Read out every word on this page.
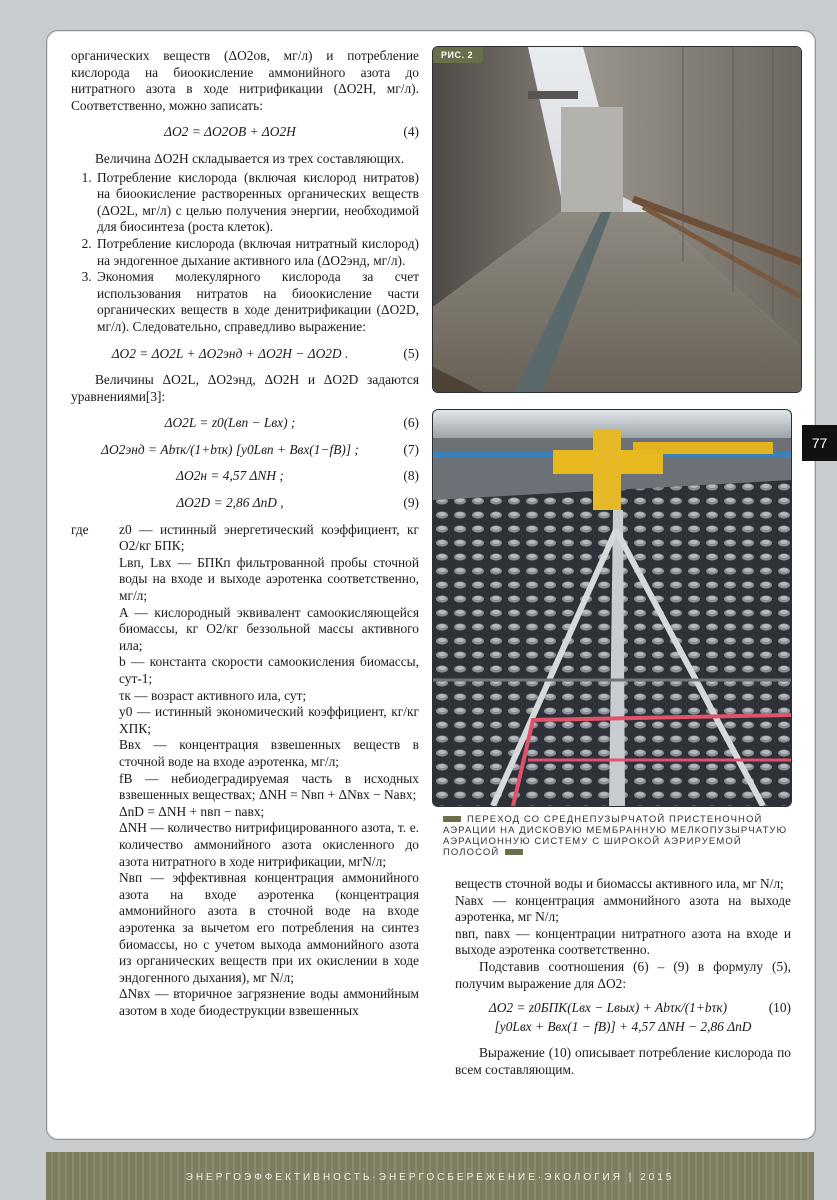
органических веществ (ΔO2ов, мг/л) и потребление кислорода на биоокисление аммонийного азота до нитратного азота в ходе нитрификации (ΔO2H, мг/л). Соответственно, можно записать:

ΔO2 = ΔO2OB + ΔO2H	(4)

Величина ΔO2H складывается из трех составляющих.

1. Потребление кислорода (включая кислород нитратов) на биоокисление растворенных органических веществ (ΔO2L, мг/л) с целью получения энергии, необходимой для биосинтеза (роста клеток).
2. Потребление кислорода (включая нитратный кислород) на эндогенное дыхание активного ила (ΔO2энд, мг/л).
3. Экономия молекулярного кислорода за счет использования нитратов на биоокисление части органических веществ в ходе денитрификации (ΔO2D, мг/л). Следовательно, справедливо выражение:
ΔO2 = ΔO2L + ΔO2энд + ΔO2H − ΔO2D .	(5)

Величины ΔO2L, ΔO2энд, ΔO2H и ΔO2D задаются уравнениями[3]:

ΔO2L = z0(Lвп − Lвх) ;	(6)
ΔO2энд = Abτк/(1+bτк) [y0Lвп + Bвх(1−fB)] ;	(7)
ΔO2н = 4,57 ΔNH ;	(8)
ΔO2D = 2,86 ΔnD ,	(9)
где	z0 — истинный энергетический коэффициент, кг O2/кг БПК;

Lвп, Lвх — БПКп фильтрованной пробы сточной воды на входе и выходе аэротенка соответственно, мг/л;

A — кислородный эквивалент самоокисляющейся биомассы, кг O2/кг беззольной массы активного ила;

b — константа скорости самоокисления биомассы, сут-1;

τк — возраст активного ила, сут;

y0 — истинный экономический коэффициент, кг/кг ХПК;

Bвх — концентрация взвешенных веществ в сточной воде на входе аэротенка, мг/л;

fB — небиодеградируемая часть в исходных взвешенных веществах; ΔNH = Nвп + ΔNвх − Naвх;

ΔnD = ΔNH + nвп − naвх;

ΔNH — количество нитрифицированного азота, т. е. количество аммонийного азота окисленного до азота нитратного в ходе нитрификации, мгN/л;

Nвп — эффективная концентрация аммонийного азота на входе аэротенка (концентрация аммонийного азота в сточной воде на входе аэротенка за вычетом его потребления на синтез биомассы, но с учетом выхода аммонийного азота из органических веществ при их окислении в ходе эндогенного дыхания), мг N/л;

ΔNвх — вторичное загрязнение воды аммонийным азотом в ходе биодеструкции взвешенных

РИС. 2
ПЕРЕХОД СО СРЕДНЕПУЗЫРЧАТОЙ ПРИСТЕНОЧНОЙ АЭРАЦИИ НА ДИСКОВУЮ МЕМБРАННУЮ МЕЛКОПУЗЫРЧАТУЮ АЭРАЦИОННУЮ СИСТЕМУ С ШИРОКОЙ АЭРИРУЕМОЙ ПОЛОСОЙ
77

веществ сточной воды и биомассы активного ила, мг N/л;

Naвх — концентрация аммонийного азота на выходе аэротенка, мг N/л;

nвп, naвх — концентрации нитратного азота на входе и выходе аэротенка соответственно.

Подставив соотношения (6) – (9) в формулу (5), получим выражение для ΔO2:

ΔO2 = z0БПК(Lвх − Lвых) + Abτк/(1+bτк)	(10)
[y0Lвх + Bвх(1 − fB)] + 4,57 ΔNH − 2,86 ΔnD

Выражение (10) описывает потребление кислорода по всем составляющим.

ЭНЕРГОЭФФЕКТИВНОСТЬ·ЭНЕРГОСБЕРЕЖЕНИЕ·ЭКОЛОГИЯ | 2015
